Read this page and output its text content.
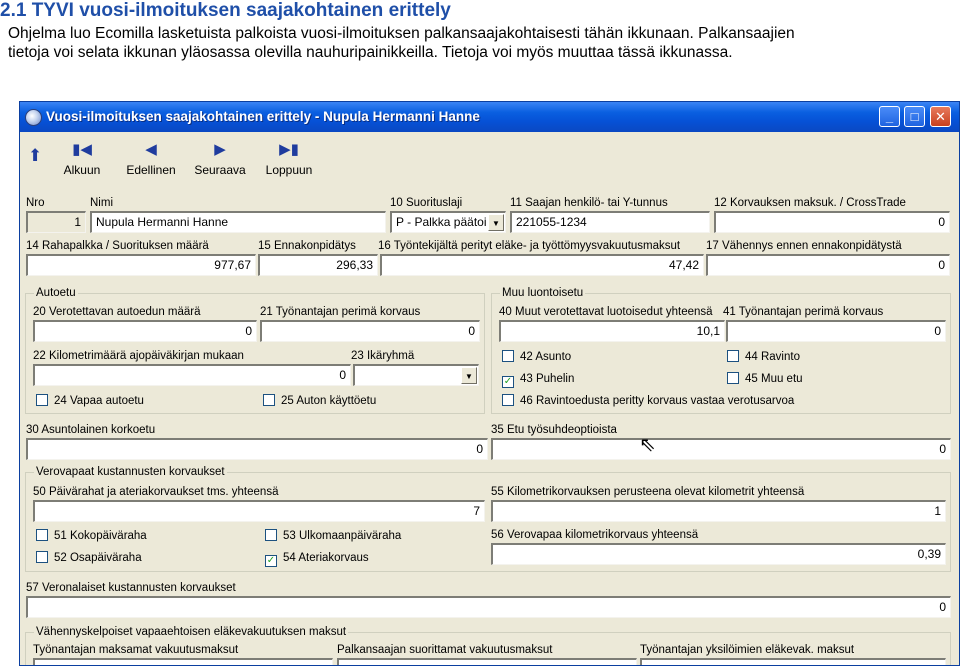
2.1 TYVI vuosi-ilmoituksen saajakohtainen erittely
Ohjelma luo Ecomilla lasketuista palkoista vuosi-ilmoituksen palkansaajakohtaisesti tähän ikkunaan. Palkansaajien
tietoja voi selata ikkunan yläosassa olevilla nauhuripainikkeilla. Tietoja voi myös muuttaa tässä ikkunassa.
Vuosi-ilmoituksen saajakohtainen erittely - Nupula Hermanni Hanne	_	□	✕
⬆	▮◀
Alkuun
◀
Edellinen
▶
Seuraava
▶▮
Loppuun
Nro
1
Nimi
Nupula Hermanni Hanne
10 Suorituslaji
P - Palkka päätoi ▼
11 Saajan henkilö- tai Y-tunnus
221055-1234
12 Korvauksen maksuk. / CrossTrade
0
14 Rahapalkka / Suorituksen määrä
977,67
15 Ennakonpidätys
296,33
16 Työntekijältä perityt eläke- ja työttömyysvakuutusmaksut
47,42
17 Vähennys ennen ennakonpidätystä
0
Autoetu
20 Verotettavan autoedun määrä
0
21 Työnantajan perimä korvaus
0
22 Kilometrimäärä ajopäiväkirjan mukaan
0
23 Ikäryhmä
▼
24 Vapaa autoetu	25 Auton käyttöetu
Muu luontoisetu
40 Muut verotettavat luotoisedut yhteensä
10,1
41 Työnantajan perimä korvaus
0
42 Asunto	44 Ravinto
✓ 43 Puhelin	45 Muu etu
46 Ravintoedusta peritty korvaus vastaa verotusarvoa
30 Asuntolainen korkoetu
0
35 Etu työsuhdeoptioista
0
⇖
Verovapaat kustannusten korvaukset
50 Päivärahat ja ateriakorvaukset tms. yhteensä
7
55 Kilometrikorvauksen perusteena olevat kilometrit yhteensä
1
51 Kokopäiväraha	53 Ulkomaanpäiväraha	56 Verovapaa kilometrikorvaus yhteensä
52 Osapäiväraha	✓ 54 Ateriakorvaus	0,39
57 Veronalaiset kustannusten korvaukset
0
Vähennyskelpoiset vapaaehtoisen eläkevakuutuksen maksut
Työnantajan maksamat vakuutusmaksut	Palkansaajan suorittamat vakuutusmaksut	Työnantajan yksilöimien eläkevak. maksut
